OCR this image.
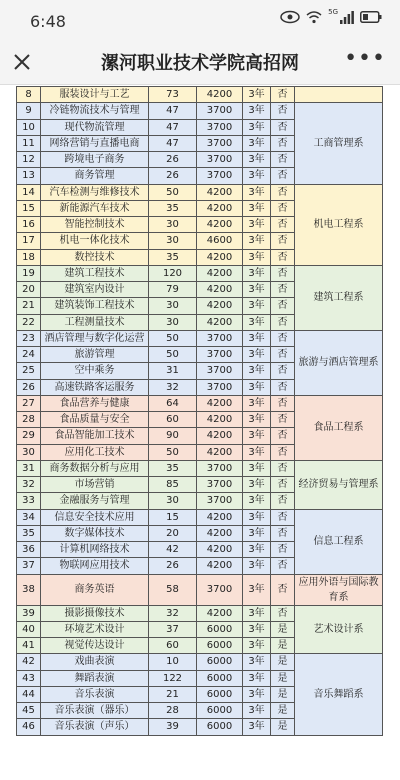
6:48	5G
漯河职业技术学院高招网	•••
8	服装设计与工艺	73	4200	3年	否	
9	冷链物流技术与管理	47	3700	3年	否	工商管理系
10	现代物流管理	47	3700	3年	否	
11	网络营销与直播电商	47	3700	3年	否	
12	跨境电子商务	26	3700	3年	否	
13	商务管理	26	3700	3年	否	
14	汽车检测与维修技术	50	4200	3年	否	机电工程系
15	新能源汽车技术	35	4200	3年	否	
16	智能控制技术	30	4200	3年	否	
17	机电一体化技术	30	4600	3年	否	
18	数控技术	35	4200	3年	否	
19	建筑工程技术	120	4200	3年	否	建筑工程系
20	建筑室内设计	79	4200	3年	否	
21	建筑装饰工程技术	30	4200	3年	否	
22	工程测量技术	30	4200	3年	否	
23	酒店管理与数字化运营	50	3700	3年	否	旅游与酒店管理系
24	旅游管理	50	3700	3年	否	
25	空中乘务	31	3700	3年	否	
26	高速铁路客运服务	32	3700	3年	否	
27	食品营养与健康	64	4200	3年	否	食品工程系
28	食品质量与安全	60	4200	3年	否	
29	食品智能加工技术	90	4200	3年	否	
30	应用化工技术	50	4200	3年	否	
31	商务数据分析与应用	35	3700	3年	否	经济贸易与管理系
32	市场营销	85	3700	3年	否	
33	金融服务与管理	30	3700	3年	否	
34	信息安全技术应用	15	4200	3年	否	信息工程系
35	数字媒体技术	20	4200	3年	否	
36	计算机网络技术	42	4200	3年	否	
37	物联网应用技术	26	4200	3年	否	
38	商务英语	58	3700	3年	否	应用外语与国际教育系
39	摄影摄像技术	32	4200	3年	否	艺术设计系
40	环境艺术设计	37	6000	3年	是	
41	视觉传达设计	60	6000	3年	是	
42	戏曲表演	10	6000	3年	是	音乐舞蹈系
43	舞蹈表演	122	6000	3年	是	
44	音乐表演	21	6000	3年	是	
45	音乐表演（器乐）	28	6000	3年	是	
46	音乐表演（声乐）	39	6000	3年	是	
